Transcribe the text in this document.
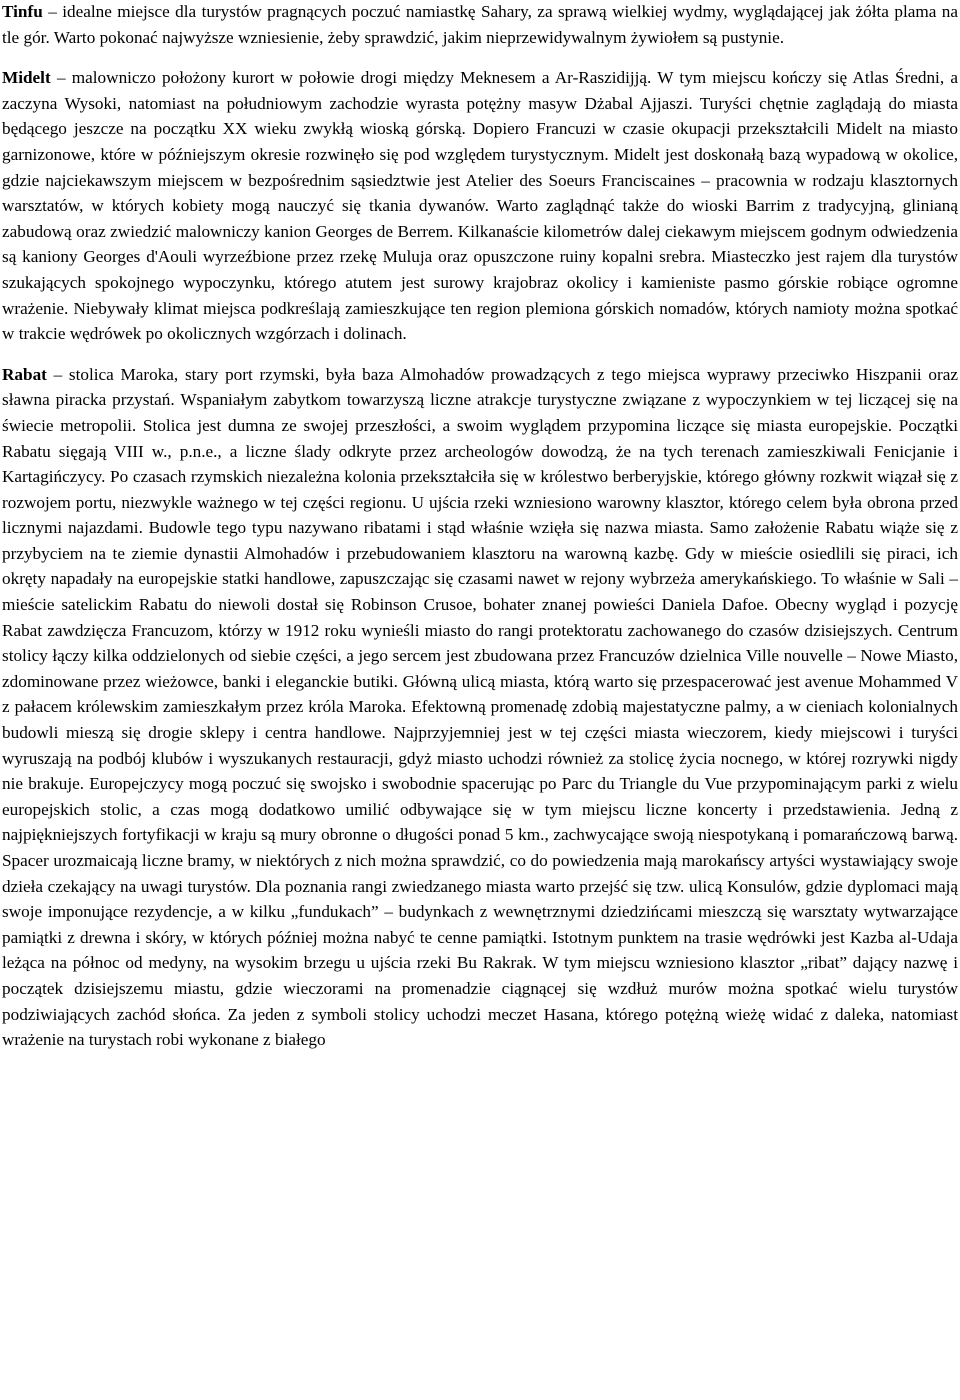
Tinfu – idealne miejsce dla turystów pragnących poczuć namiastkę Sahary, za sprawą wielkiej wydmy, wyglądającej jak żółta plama na tle gór. Warto pokonać najwyższe wzniesienie, żeby sprawdzić, jakim nieprzewidywalnym żywiołem są pustynie.

Midelt – malowniczo położony kurort w połowie drogi między Meknesem a Ar-Raszidijją. W tym miejscu kończy się Atlas Średni, a zaczyna Wysoki, natomiast na południowym zachodzie wyrasta potężny masyw Dżabal Ajjaszi. Turyści chętnie zaglądają do miasta będącego jeszcze na początku XX wieku zwykłą wioską górską. Dopiero Francuzi w czasie okupacji przekształcili Midelt na miasto garnizonowe, które w późniejszym okresie rozwinęło się pod względem turystycznym. Midelt jest doskonałą bazą wypadową w okolice, gdzie najciekawszym miejscem w bezpośrednim sąsiedztwie jest Atelier des Soeurs Franciscaines – pracownia w rodzaju klasztornych warsztatów, w których kobiety mogą nauczyć się tkania dywanów. Warto zaglądnąć także do wioski Barrim z tradycyjną, glinianą zabudową oraz zwiedzić malowniczy kanion Georges de Berrem. Kilkanaście kilometrów dalej ciekawym miejscem godnym odwiedzenia są kaniony Georges d'Aouli wyrzeźbione przez rzekę Muluja oraz opuszczone ruiny kopalni srebra. Miasteczko jest rajem dla turystów szukających spokojnego wypoczynku, którego atutem jest surowy krajobraz okolicy i kamieniste pasmo górskie robiące ogromne wrażenie. Niebywały klimat miejsca podkreślają zamieszkujące ten region plemiona górskich nomadów, których namioty można spotkać w trakcie wędrówek po okolicznych wzgórzach i dolinach.

Rabat – stolica Maroka, stary port rzymski, była baza Almohadów prowadzących z tego miejsca wyprawy przeciwko Hiszpanii oraz sławna piracka przystań. Wspaniałym zabytkom towarzyszą liczne atrakcje turystyczne związane z wypoczynkiem w tej liczącej się na świecie metropolii. Stolica jest dumna ze swojej przeszłości, a swoim wyglądem przypomina liczące się miasta europejskie. Początki Rabatu sięgają VIII w., p.n.e., a liczne ślady odkryte przez archeologów dowodzą, że na tych terenach zamieszkiwali Fenicjanie i Kartagińczycy. Po czasach rzymskich niezależna kolonia przekształciła się w królestwo berberyjskie, którego główny rozkwit wiązał się z rozwojem portu, niezwykle ważnego w tej części regionu. U ujścia rzeki wzniesiono warowny klasztor, którego celem była obrona przed licznymi najazdami. Budowle tego typu nazywano ribatami i stąd właśnie wzięła się nazwa miasta. Samo założenie Rabatu wiąże się z przybyciem na te ziemie dynastii Almohadów i przebudowaniem klasztoru na warowną kazbę. Gdy w mieście osiedlili się piraci, ich okręty napadały na europejskie statki handlowe, zapuszczając się czasami nawet w rejony wybrzeża amerykańskiego. To właśnie w Sali – mieście satelickim Rabatu do niewoli dostał się Robinson Crusoe, bohater znanej powieści Daniela Dafoe. Obecny wygląd i pozycję Rabat zawdzięcza Francuzom, którzy w 1912 roku wynieśli miasto do rangi protektoratu zachowanego do czasów dzisiejszych. Centrum stolicy łączy kilka oddzielonych od siebie części, a jego sercem jest zbudowana przez Francuzów dzielnica Ville nouvelle – Nowe Miasto, zdominowane przez wieżowce, banki i eleganckie butiki. Główną ulicą miasta, którą warto się przespacerować jest avenue Mohammed V z pałacem królewskim zamieszkałym przez króla Maroka. Efektowną promenadę zdobią majestatyczne palmy, a w cieniach kolonialnych budowli mieszą się drogie sklepy i centra handlowe. Najprzyjemniej jest w tej części miasta wieczorem, kiedy miejscowi i turyści wyruszają na podbój klubów i wyszukanych restauracji, gdyż miasto uchodzi również za stolicę życia nocnego, w której rozrywki nigdy nie brakuje. Europejczycy mogą poczuć się swojsko i swobodnie spacerując po Parc du Triangle du Vue przypominającym parki z wielu europejskich stolic, a czas mogą dodatkowo umilić odbywające się w tym miejscu liczne koncerty i przedstawienia. Jedną z najpiękniejszych fortyfikacji w kraju są mury obronne o długości ponad 5 km., zachwycające swoją niespotykaną i pomarańczową barwą. Spacer urozmaicają liczne bramy, w niektórych z nich można sprawdzić, co do powiedzenia mają marokańscy artyści wystawiający swoje dzieła czekający na uwagi turystów. Dla poznania rangi zwiedzanego miasta warto przejść się tzw. ulicą Konsulów, gdzie dyplomaci mają swoje imponujące rezydencje, a w kilku „fundukach” – budynkach z wewnętrznymi dziedzińcami mieszczą się warsztaty wytwarzające pamiątki z drewna i skóry, w których później można nabyć te cenne pamiątki. Istotnym punktem na trasie wędrówki jest Kazba al-Udaja leżąca na północ od medyny, na wysokim brzegu u ujścia rzeki Bu Rakrak. W tym miejscu wzniesiono klasztor „ribat” dający nazwę i początek dzisiejszemu miastu, gdzie wieczorami na promenadzie ciągnącej się wzdłuż murów można spotkać wielu turystów podziwiających zachód słońca. Za jeden z symboli stolicy uchodzi meczet Hasana, którego potężną wieżę widać z daleka, natomiast wrażenie na turystach robi wykonane z białego
